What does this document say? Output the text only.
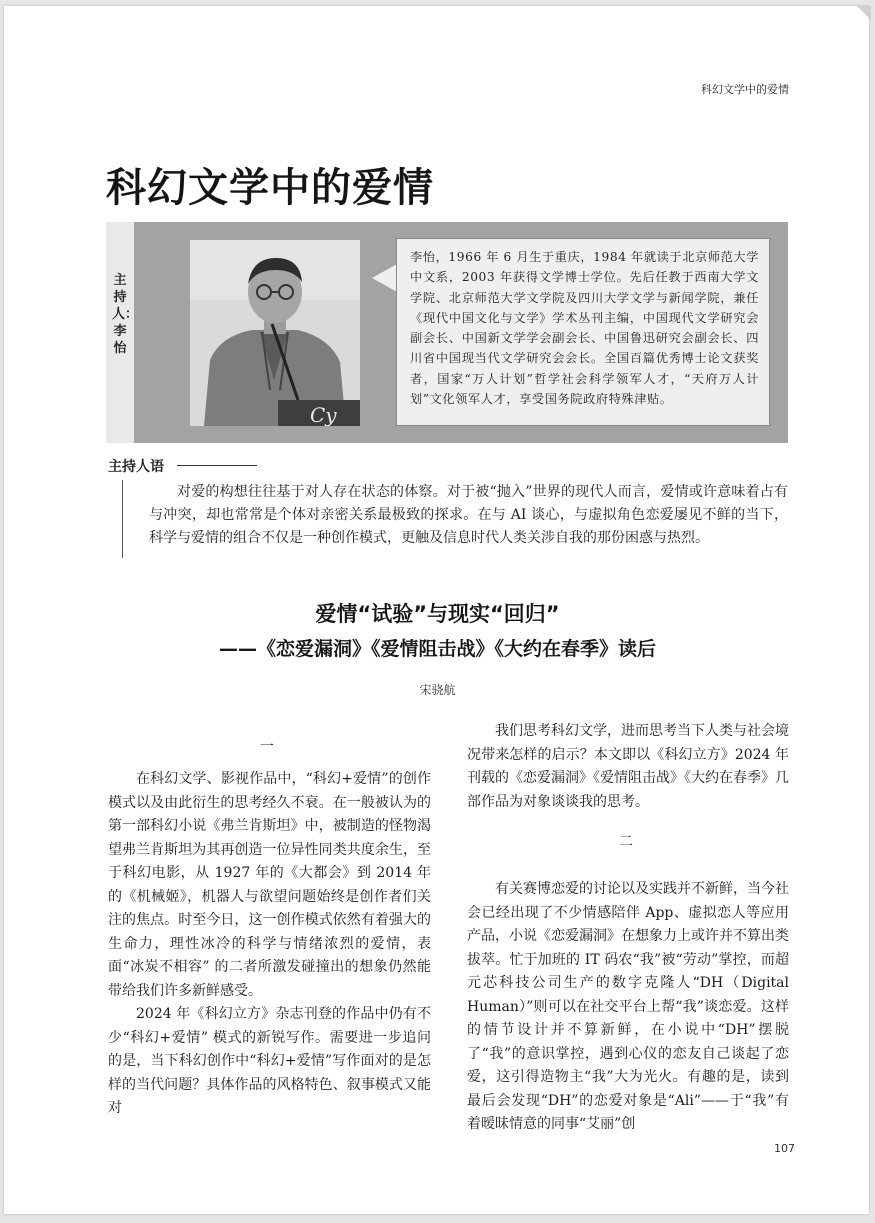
科幻文学中的爱情
科幻文学中的爱情
主持人：李怡
Cy
李怡，1966 年 6 月生于重庆，1984 年就读于北京师范大学中文系，2003 年获得文学博士学位。先后任教于西南大学文学院、北京师范大学文学院及四川大学文学与新闻学院，兼任《现代中国文化与文学》学术丛刊主编，中国现代文学研究会副会长、中国新文学学会副会长、中国鲁迅研究会副会长、四川省中国现当代文学研究会会长。全国百篇优秀博士论文获奖者，国家“万人计划”哲学社会科学领军人才，“天府万人计划”文化领军人才，享受国务院政府特殊津贴。
主持人语

对爱的构想往往基于对人存在状态的体察。对于被“抛入”世界的现代人而言，爱情或许意味着占有与冲突，却也常常是个体对亲密关系最极致的探求。在与 AI 谈心，与虚拟角色恋爱屡见不鲜的当下，科学与爱情的组合不仅是一种创作模式，更触及信息时代人类关涉自我的那份困惑与热烈。

爱情“试验”与现实“回归”
——《恋爱漏洞》《爱情阻击战》《大约在春季》读后
宋骁航
一

在科幻文学、影视作品中，“科幻+爱情”的创作模式以及由此衍生的思考经久不衰。在一般被认为的第一部科幻小说《弗兰肯斯坦》中，被制造的怪物渴望弗兰肯斯坦为其再创造一位异性同类共度余生，至于科幻电影，从 1927 年的《大都会》到 2014 年的《机械姬》，机器人与欲望问题始终是创作者们关注的焦点。时至今日，这一创作模式依然有着强大的生命力，理性冰冷的科学与情绪浓烈的爱情，表面“冰炭不相容” 的二者所激发碰撞出的想象仍然能带给我们许多新鲜感受。

2024 年《科幻立方》杂志刊登的作品中仍有不少“科幻+爱情” 模式的新锐写作。需要进一步追问的是，当下科幻创作中“科幻+爱情”写作面对的是怎样的当代问题？具体作品的风格特色、叙事模式又能对

二

我们思考科幻文学，进而思考当下人类与社会境况带来怎样的启示？本文即以《科幻立方》2024 年刊载的《恋爱漏洞》《爱情阻击战》《大约在春季》几部作品为对象谈谈我的思考。

有关赛博恋爱的讨论以及实践并不新鲜，当今社会已经出现了不少情感陪伴 App、虚拟恋人等应用产品，小说《恋爱漏洞》在想象力上或许并不算出类拔萃。忙于加班的 IT 码农“我”被“劳动”掌控，而超元芯科技公司生产的数字克隆人“DH（Digital Human）”则可以在社交平台上帮“我”谈恋爱。这样的情节设计并不算新鲜，在小说中“DH”摆脱了“我”的意识掌控，遇到心仪的恋友自己谈起了恋爱，这引得造物主“我”大为光火。有趣的是，读到最后会发现“DH”的恋爱对象是“Ali”——于“我”有着暧昧情意的同事“艾丽”创

107
